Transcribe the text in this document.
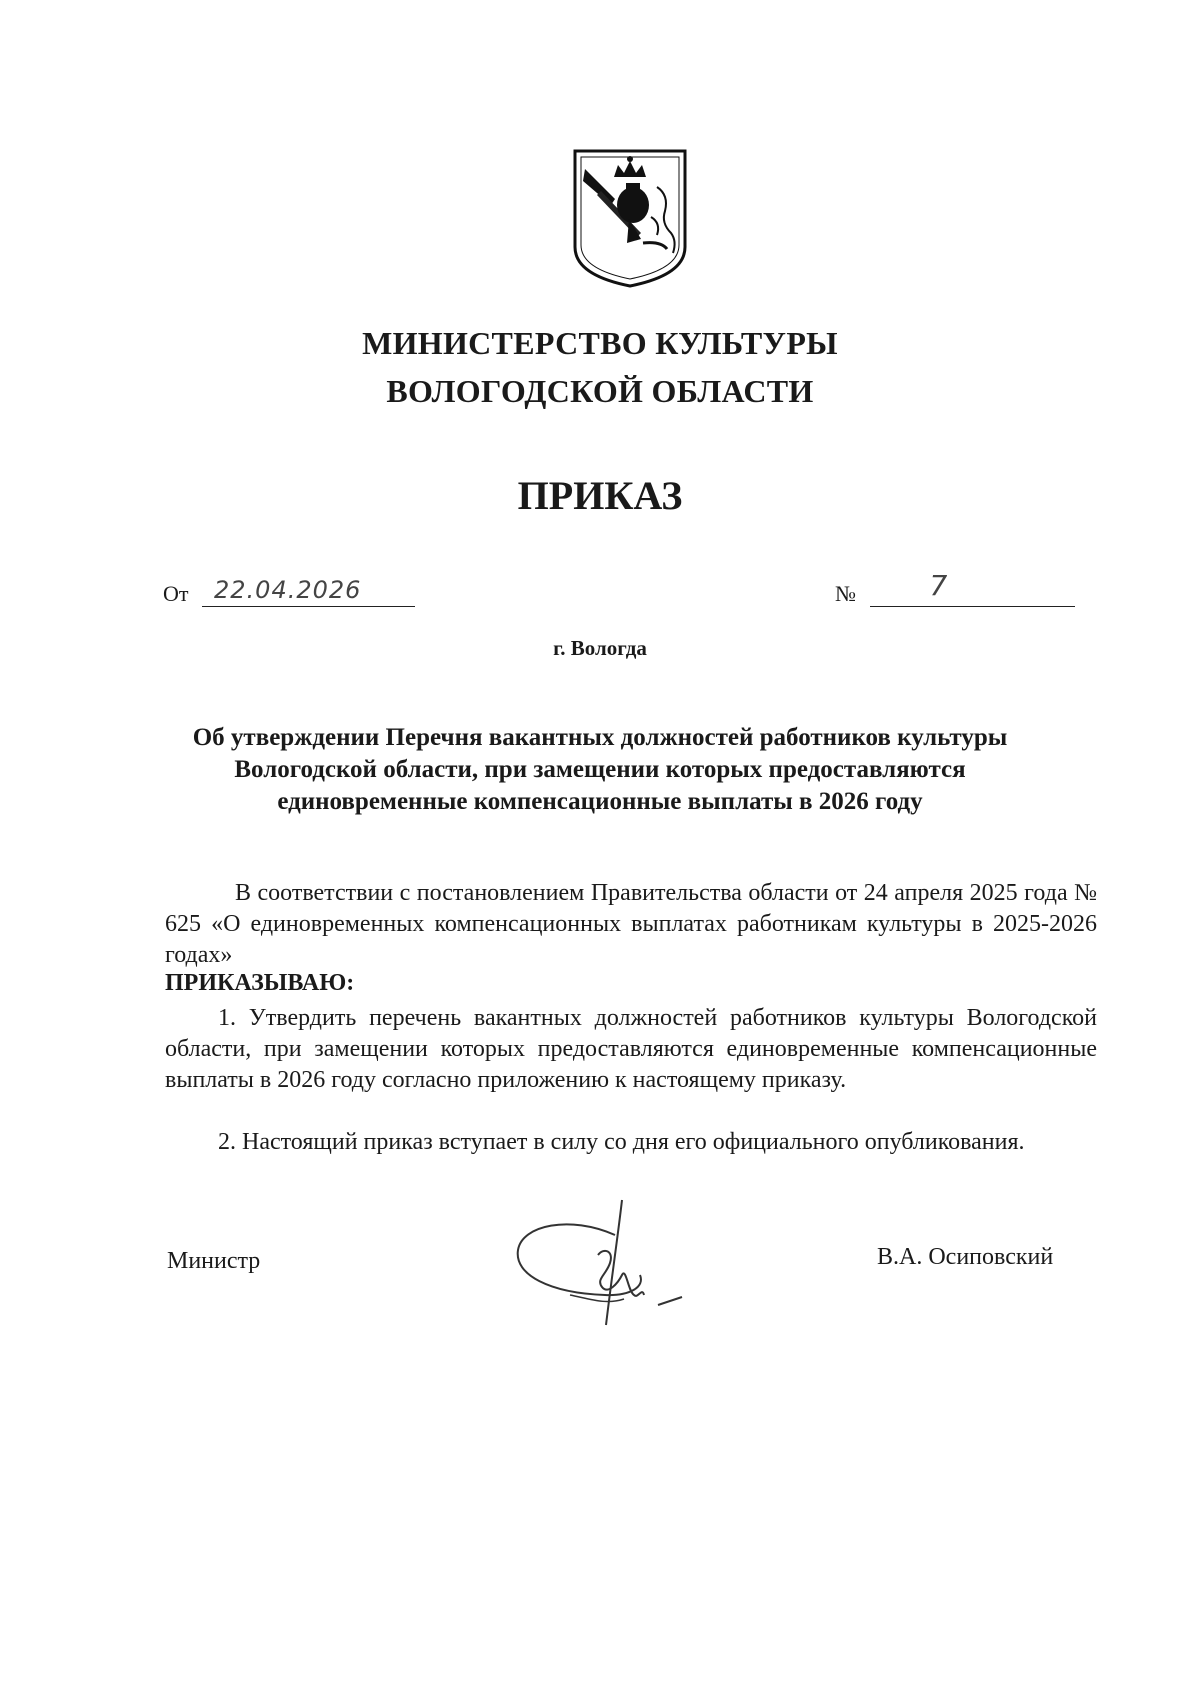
МИНИСТЕРСТВО КУЛЬТУРЫ
ВОЛОГОДСКОЙ ОБЛАСТИ
ПРИКАЗ
От 22.04.2026	№	7
г. Вологда
Об утверждении Перечня вакантных должностей работников культуры Вологодской области, при замещении которых предоставляются единовременные компенсационные выплаты в 2026 году
В соответствии с постановлением Правительства области от 24 апреля 2025 года № 625 «О единовременных компенсационных выплатах работникам культуры в 2025-2026 годах»
ПРИКАЗЫВАЮ:
1. Утвердить перечень вакантных должностей работников культуры Вологодской области, при замещении которых предоставляются единовременные компенсационные выплаты в 2026 году согласно приложению к настоящему приказу.
2. Настоящий приказ вступает в силу со дня его официального опубликования.
Министр	В.А. Осиповский
